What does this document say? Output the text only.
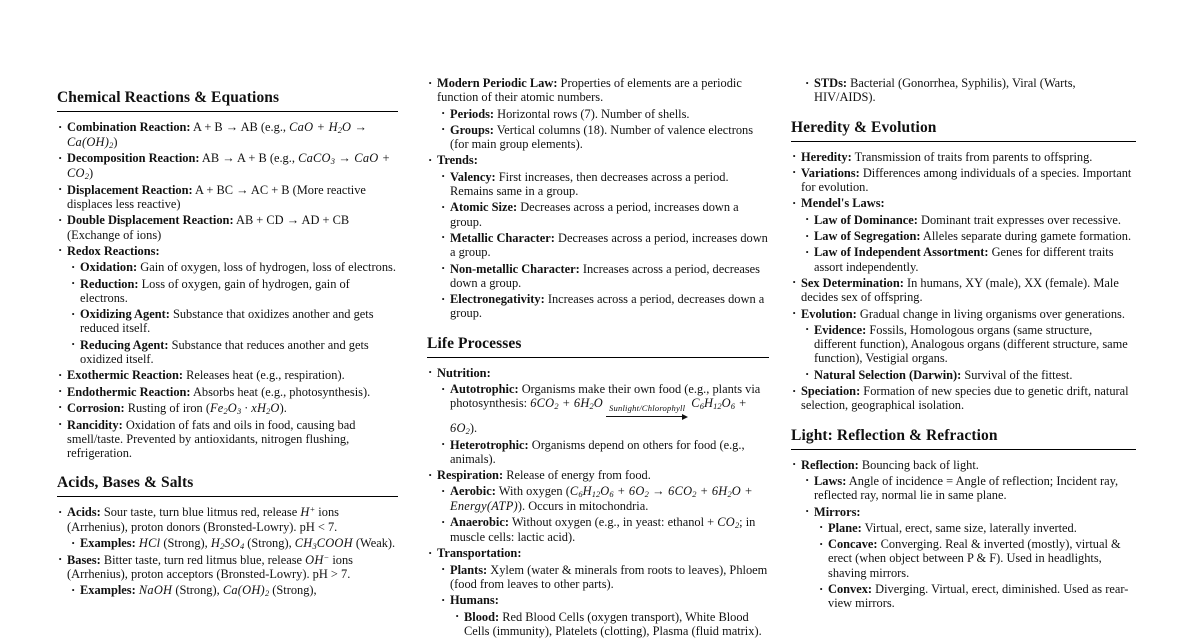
Chemical Reactions & Equations
· Combination Reaction: A + B → AB (e.g., CaO + $H_2O \to Ca(OH)_2$)
· Decomposition Reaction: AB → A + B (e.g., CaCO$_3$ → CaO + $CO_2$)
· Displacement Reaction: A + BC → AC + B (More reactive displaces less reactive)
· Double Displacement Reaction: AB + CD → AD + CB (Exchange of ions)
· Redox Reactions:
· Oxidation: Gain of oxygen, loss of hydrogen, loss of electrons.
· Reduction: Loss of oxygen, gain of hydrogen, gain of electrons.
· Oxidizing Agent: Substance that oxidizes another and gets reduced itself.
· Reducing Agent: Substance that reduces another and gets oxidized itself.
· Exothermic Reaction: Releases heat (e.g., respiration).
· Endothermic Reaction: Absorbs heat (e.g., photosynthesis).
· Corrosion: Rusting of iron $(Fe_2O_3 \cdot xH_2O)$.
· Rancidity: Oxidation of fats and oils in food, causing bad smell/taste. Prevented by antioxidants, nitrogen flushing, refrigeration.
Acids, Bases & Salts
· Acids: Sour taste, turn blue litmus red, release H+ ions (Arrhenius), proton donors (Bronsted-Lowry). pH < 7.
· Examples: HCl (Strong), $H_2SO_4$ (Strong), $CH_3COOH$ (Weak).
· Bases: Bitter taste, turn red litmus blue, release OH− ions (Arrhenius), proton acceptors (Bronsted-Lowry). pH > 7.
· Examples: NaOH (Strong), $Ca(OH)_2$ (Strong),
· Modern Periodic Law: Properties of elements are a periodic function of their atomic numbers.
· Periods: Horizontal rows (7). Number of shells.
· Groups: Vertical columns (18). Number of valence electrons (for main group elements).
· Trends:
· Valency: First increases, then decreases across a period. Remains same in a group.
· Atomic Size: Decreases across a period, increases down a group.
· Metallic Character: Decreases across a period, increases down a group.
· Non-metallic Character: Increases across a period, decreases down a group.
· Electronegativity: Increases across a period, decreases down a group.
Life Processes
· Nutrition:
· Autotrophic: Organisms make their own food (e.g., plants via photosynthesis: $6CO_2 + 6H_2O$ Sunlight/Chlorophyll $C_6H_{12}O_6 + 6O_2$).
· Heterotrophic: Organisms depend on others for food (e.g., animals).
· Respiration: Release of energy from food.
· Aerobic: With oxygen ($C_6H_{12}O_6 + 6O_2 \to 6CO_2 + 6H_2O$ + Energy(ATP)). Occurs in mitochondria.
· Anaerobic: Without oxygen (e.g., in yeast: ethanol + $CO_2$; in muscle cells: lactic acid).
· Transportation:
· Plants: Xylem (water & minerals from roots to leaves), Phloem (food from leaves to other parts).
· Humans:
· Blood: Red Blood Cells (oxygen transport), White Blood Cells (immunity), Platelets (clotting), Plasma (fluid matrix).
· STDs: Bacterial (Gonorrhea, Syphilis), Viral (Warts, HIV/AIDS).
Heredity & Evolution
· Heredity: Transmission of traits from parents to offspring.
· Variations: Differences among individuals of a species. Important for evolution.
· Mendel's Laws:
· Law of Dominance: Dominant trait expresses over recessive.
· Law of Segregation: Alleles separate during gamete formation.
· Law of Independent Assortment: Genes for different traits assort independently.
· Sex Determination: In humans, XY (male), XX (female). Male decides sex of offspring.
· Evolution: Gradual change in living organisms over generations.
· Evidence: Fossils, Homologous organs (same structure, different function), Analogous organs (different structure, same function), Vestigial organs.
· Natural Selection (Darwin): Survival of the fittest.
· Speciation: Formation of new species due to genetic drift, natural selection, geographical isolation.
Light: Reflection & Refraction
· Reflection: Bouncing back of light.
· Laws: Angle of incidence = Angle of reflection; Incident ray, reflected ray, normal lie in same plane.
· Mirrors:
· Plane: Virtual, erect, same size, laterally inverted.
· Concave: Converging. Real & inverted (mostly), virtual & erect (when object between P & F). Used in headlights, shaving mirrors.
· Convex: Diverging. Virtual, erect, diminished. Used as rear-view mirrors.
